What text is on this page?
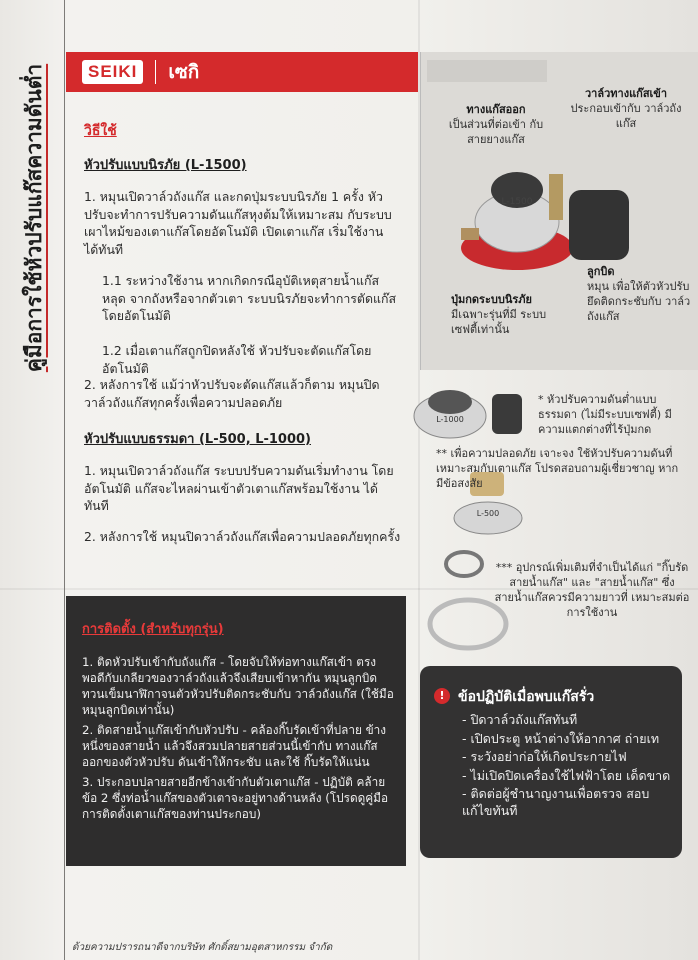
คู่มือการใช้หัวปรับแก๊สความดันต่ำ	SEIKI	เซกิ
วิธีใช้
หัวปรับแบบนิรภัย (L-1500)
1. หมุนเปิดวาล์วถังแก๊ส และกดปุ่มระบบนิรภัย 1 ครั้ง หัวปรับจะทำการปรับความดันแก๊สหุงต้มให้เหมาะสม กับระบบเผาไหม้ของเตาแก๊สโดยอัตโนมัติ เปิดเตาแก๊ส เริ่มใช้งานได้ทันที
1.1 ระหว่างใช้งาน หากเกิดกรณีอุบัติเหตุสายน้ำแก๊สหลุด จากถังหรือจากตัวเตา ระบบนิรภัยจะทำการตัดแก๊ส โดยอัตโนมัติ
1.2 เมื่อเตาแก๊สถูกปิดหลังใช้ หัวปรับจะตัดแก๊สโดยอัตโนมัติ
2. หลังการใช้ แม้ว่าหัวปรับจะตัดแก๊สแล้วก็ตาม หมุนปิด วาล์วถังแก๊สทุกครั้งเพื่อความปลอดภัย
หัวปรับแบบธรรมดา (L-500, L-1000)
1. หมุนเปิดวาล์วถังแก๊ส ระบบปรับความดันเริ่มทำงาน โดยอัตโนมัติ แก๊สจะไหลผ่านเข้าตัวเตาแก๊สพร้อมใช้งาน ได้ทันที
2. หลังการใช้ หมุนปิดวาล์วถังแก๊สเพื่อความปลอดภัยทุกครั้ง
L-1500
ทางแก๊สออก
เป็นส่วนที่ต่อเข้า กับสายยางแก๊ส
วาล์วทางแก๊สเข้า
ประกอบเข้ากับ วาล์วถังแก๊ส
ลูกบิด
หมุน เพื่อให้ตัวหัวปรับ ยึดติดกระชับกับ วาล์วถังแก๊ส
ปุ่มกดระบบนิรภัย
มีเฉพาะรุ่นที่มี ระบบเซฟตี้เท่านั้น
L-1000
L-500
* หัวปรับความดันต่ำแบบ ธรรมดา (ไม่มีระบบเซฟตี้) มีความแตกต่างที่ไร้ปุ่มกด
** เพื่อความปลอดภัย เจาะจง ใช้หัวปรับความดันที่ เหมาะสมกับเตาแก๊ส โปรดสอบถามผู้เชี่ยวชาญ หากมีข้อสงสัย
*** อุปกรณ์เพิ่มเติมที่จำเป็นได้แก่ "กิ๊บรัดสายน้ำแก๊ส" และ "สายน้ำแก๊ส" ซึ่งสายน้ำแก๊สควรมีความยาวที่ เหมาะสมต่อการใช้งาน
การติดตั้ง (สำหรับทุกรุ่น)
1. ติดหัวปรับเข้ากับถังแก๊ส - โดยจับให้ท่อทางแก๊สเข้า ตรงพอดีกับเกลียวของวาล์วถังแล้วจึงเสียบเข้าหากัน หมุนลูกบิดทวนเข็มนาฬิกาจนตัวหัวปรับติดกระชับกับ วาล์วถังแก๊ส (ใช้มือหมุนลูกบิดเท่านั้น)
2. ติดสายน้ำแก๊สเข้ากับหัวปรับ - คล้องกิ๊บรัดเข้าที่ปลาย ข้างหนึ่งของสายน้ำ แล้วจึงสวมปลายสายส่วนนี้เข้ากับ ทางแก๊สออกของตัวหัวปรับ ดันเข้าให้กระชับ และใช้ กิ๊บรัดให้แน่น
3. ประกอบปลายสายอีกข้างเข้ากับตัวเตาแก๊ส - ปฏิบัติ คล้ายข้อ 2 ซึ่งท่อน้ำแก๊สของตัวเตาจะอยู่ทางด้านหลัง (โปรดดูคู่มือการติดตั้งเตาแก๊สของท่านประกอบ)
! ข้อปฏิบัติเมื่อพบแก๊สรั่ว
- ปิดวาล์วถังแก๊สทันที
- เปิดประตู หน้าต่างให้อากาศ ถ่ายเท
- ระวังอย่าก่อให้เกิดประกายไฟ
- ไม่เปิดปิดเครื่องใช้ไฟฟ้าโดย เด็ดขาด
- ติดต่อผู้ชำนาญงานเพื่อตรวจ สอบแก้ไขทันที
ด้วยความปรารถนาดีจากบริษัท ศักดิ์สยามอุตสาหกรรม จำกัด
